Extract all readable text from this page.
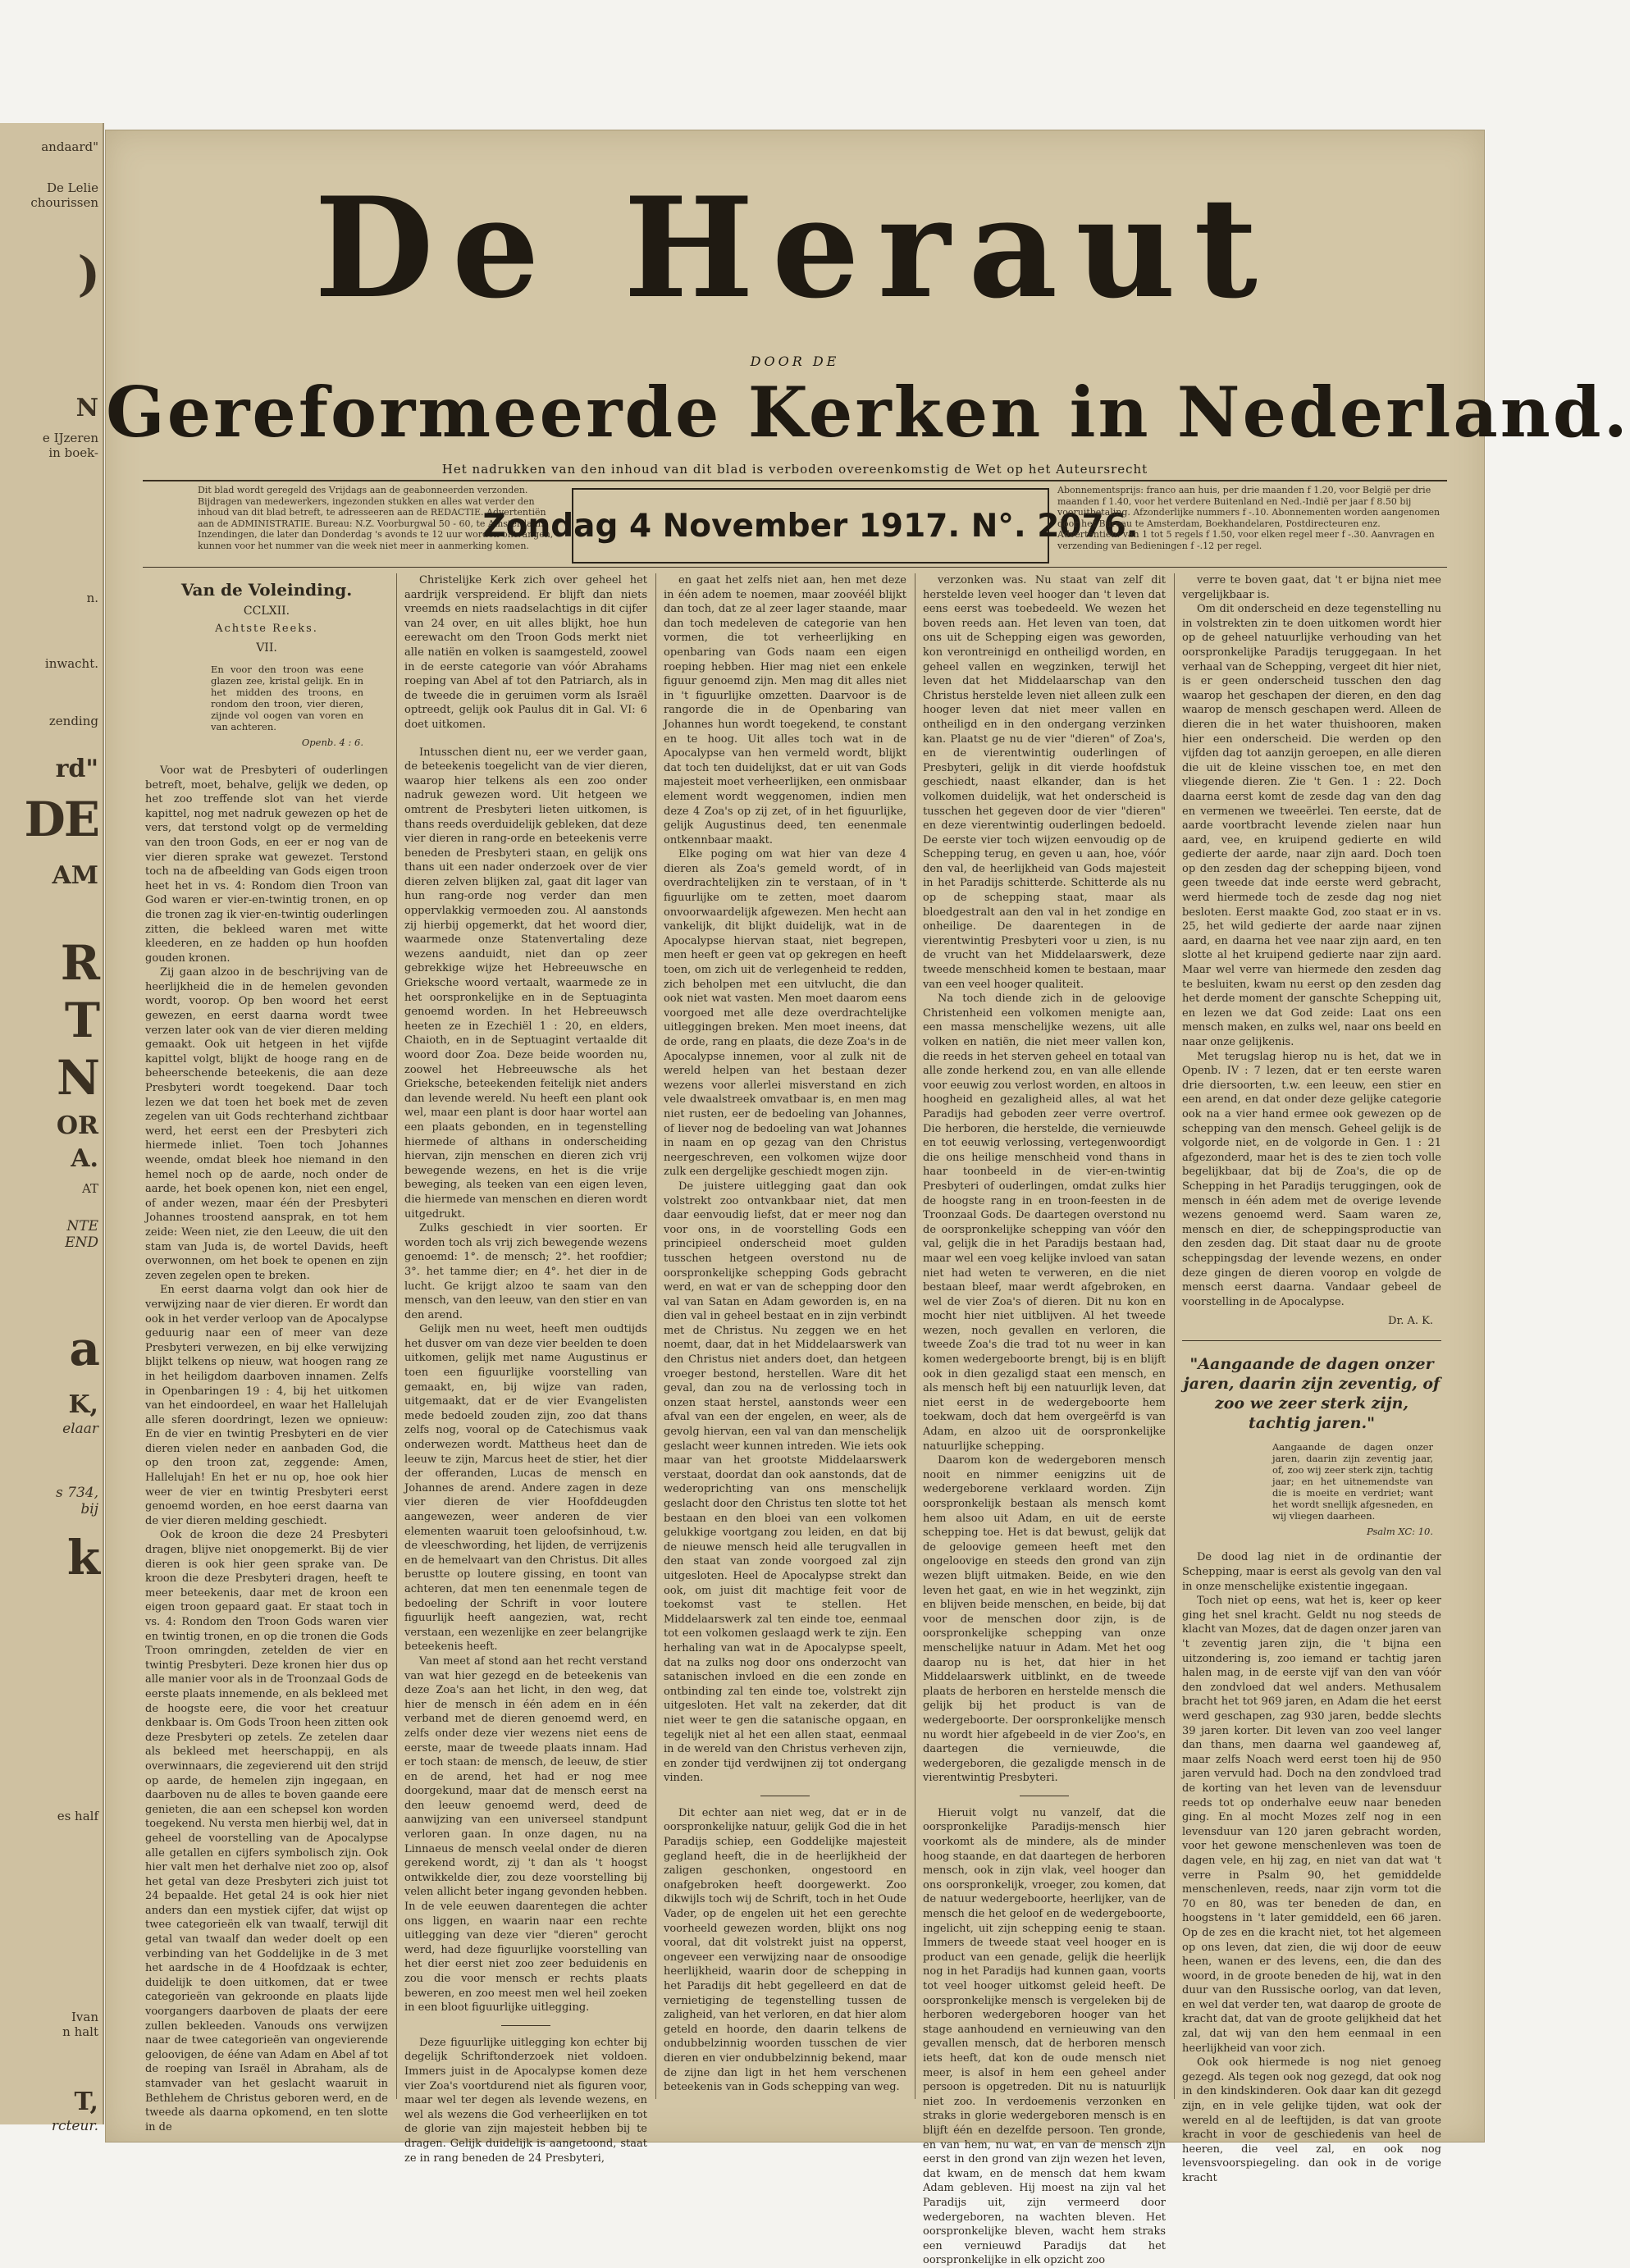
andaard"
De Lelie
chourissen
)
N
e IJzeren
in boek-
n.
inwacht.
zending
rd"
DE
AM
R
T
N
OR
A.
AT
NTE
END
a
K,
elaar
s 734,
bij
k
es half
Ivan
n halt
T,
rcteur.
De Heraut
DOOR DE
Gereformeerde Kerken in Nederland.
Het nadrukken van den inhoud van dit blad is verboden overeenkomstig de Wet op het Auteursrecht
Dit blad wordt geregeld des Vrijdags aan de geabonneerden verzonden. Bijdragen van medewerkers, ingezonden stukken en alles wat verder den inhoud van dit blad betreft, te adresseeren aan de REDACTIE. Advertentiën aan de ADMINISTRATIE. Bureau: N.Z. Voorburgwal 50 - 60, te Amsterdam. Inzendingen, die later dan Donderdag 's avonds te 12 uur worden ontvangen, kunnen voor het nummer van die week niet meer in aanmerking komen.
Zondag 4 November 1917. N°. 2076.
Abonnementsprijs: franco aan huis, per drie maanden f 1.20, voor België per drie maanden f 1.40, voor het verdere Buitenland en Ned.-Indië per jaar f 8.50 bij vooruitbetaling. Afzonderlijke nummers f -.10. Abonnementen worden aangenomen door het Bureau te Amsterdam, Boekhandelaren, Postdirecteuren enz. Advertentiën: van 1 tot 5 regels f 1.50, voor elken regel meer f -.30. Aanvragen en verzending van Bedieningen f -.12 per regel.
Van de Voleinding.
CCLXII.
Achtste Reeks.
VII.
En voor den troon was eene glazen zee, kristal gelijk. En in het midden des troons, en rondom den troon, vier dieren, zijnde vol oogen van voren en van achteren.
Openb. 4 : 6.

Voor wat de Presbyteri of ouderlingen betreft, moet, behalve, gelijk we deden, op het zoo treffende slot van het vierde kapittel, nog met nadruk gewezen op het de vers, dat terstond volgt op de vermelding van den troon Gods, en eer er nog van de vier dieren sprake wat gewezet. Terstond toch na de afbeelding van Gods eigen troon heet het in vs. 4: Rondom dien Troon van God waren er vier-en-twintig tronen, en op die tronen zag ik vier-en-twintig ouderlingen zitten, die bekleed waren met witte kleederen, en ze hadden op hun hoofden gouden kronen.

Zij gaan alzoo in de beschrijving van de heerlijkheid die in de hemelen gevonden wordt, voorop. Op ben woord het eerst gewezen, en eerst daarna wordt twee verzen later ook van de vier dieren melding gemaakt. Ook uit hetgeen in het vijfde kapittel volgt, blijkt de hooge rang en de beheerschende beteekenis, die aan deze Presbyteri wordt toegekend. Daar toch lezen we dat toen het boek met de zeven zegelen van uit Gods rechterhand zichtbaar werd, het eerst een der Presbyteri zich hiermede inliet. Toen toch Johannes weende, omdat bleek hoe niemand in den hemel noch op de aarde, noch onder de aarde, het boek openen kon, niet een engel, of ander wezen, maar één der Presbyteri Johannes troostend aansprak, en tot hem zeide: Ween niet, zie den Leeuw, die uit den stam van Juda is, de wortel Davids, heeft overwonnen, om het boek te openen en zijn zeven zegelen open te breken.

En eerst daarna volgt dan ook hier de verwijzing naar de vier dieren. Er wordt dan ook in het verder verloop van de Apocalypse geduurig naar een of meer van deze Presbyteri verwezen, en bij elke verwijzing blijkt telkens op nieuw, wat hoogen rang ze in het heiligdom daarboven innamen. Zelfs in Openbaringen 19 : 4, bij het uitkomen van het eindoordeel, en waar het Hallelujah alle sferen doordringt, lezen we opnieuw: En de vier en twintig Presbyteri en de vier dieren vielen neder en aanbaden God, die op den troon zat, zeggende: Amen, Hallelujah! En het er nu op, hoe ook hier weer de vier en twintig Presbyteri eerst genoemd worden, en hoe eerst daarna van de vier dieren melding geschiedt.

Ook de kroon die deze 24 Presbyteri dragen, blijve niet onopgemerkt. Bij de vier dieren is ook hier geen sprake van. De kroon die deze Presbyteri dragen, heeft te meer beteekenis, daar met de kroon een eigen troon gepaard gaat. Er staat toch in vs. 4: Rondom den Troon Gods waren vier en twintig tronen, en op die tronen die Gods Troon omringden, zetelden de vier en twintig Presbyteri. Deze kronen hier dus op alle manier voor als in de Troonzaal Gods de eerste plaats innemende, en als bekleed met de hoogste eere, die voor het creatuur denkbaar is. Om Gods Troon heen zitten ook deze Presbyteri op zetels. Ze zetelen daar als bekleed met heerschappij, en als overwinnaars, die zegevierend uit den strijd op aarde, de hemelen zijn ingegaan, en daarboven nu de alles te boven gaande eere genieten, die aan een schepsel kon worden toegekend. Nu versta men hierbij wel, dat in geheel de voorstelling van de Apocalypse alle getallen en cijfers symbolisch zijn. Ook hier valt men het derhalve niet zoo op, alsof het getal van deze Presbyteri zich juist tot 24 bepaalde. Het getal 24 is ook hier niet anders dan een mystiek cijfer, dat wijst op twee categorieën elk van twaalf, terwijl dit getal van twaalf dan weder doelt op een verbinding van het Goddelijke in de 3 met het aardsche in de 4 Hoofdzaak is echter, duidelijk te doen uitkomen, dat er twee categorieën van gekroonde en plaats lijde voorgangers daarboven de plaats der eere zullen bekleeden. Vanouds ons verwijzen naar de twee categorieën van ongevierende geloovigen, de ééne van Adam en Abel af tot de roeping van Israël in Abraham, als de stamvader van het geslacht waaruit in Bethlehem de Christus geboren werd, en de tweede als daarna opkomend, en ten slotte in de

Christelijke Kerk zich over geheel het aardrijk verspreidend. Er blijft dan niets vreemds en niets raadselachtigs in dit cijfer van 24 over, en uit alles blijkt, hoe hun eerewacht om den Troon Gods merkt niet alle natiën en volken is saamgesteld, zoowel in de eerste categorie van vóór Abrahams roeping van Abel af tot den Patriarch, als in de tweede die in geruimen vorm als Israël optreedt, gelijk ook Paulus dit in Gal. VI: 6 doet uitkomen.

Intusschen dient nu, eer we verder gaan, de beteekenis toegelicht van de vier dieren, waarop hier telkens als een zoo onder nadruk gewezen word. Uit hetgeen we omtrent de Presbyteri lieten uitkomen, is thans reeds overduidelijk gebleken, dat deze vier dieren in rang-orde en beteekenis verre beneden de Presbyteri staan, en gelijk ons thans uit een nader onderzoek over de vier dieren zelven blijken zal, gaat dit lager van hun rang-orde nog verder dan men oppervlakkig vermoeden zou. Al aanstonds zij hierbij opgemerkt, dat het woord dier, waarmede onze Statenvertaling deze wezens aanduidt, niet dan op zeer gebrekkige wijze het Hebreeuwsche en Grieksche woord vertaalt, waarmede ze in het oorspronkelijke en in de Septuaginta genoemd worden. In het Hebreeuwsch heeten ze in Ezechiël 1 : 20, en elders, Chaioth, en in de Septuagint vertaalde dit woord door Zoa. Deze beide woorden nu, zoowel het Hebreeuwsche als het Grieksche, beteekenden feitelijk niet anders dan levende wereld. Nu heeft een plant ook wel, maar een plant is door haar wortel aan een plaats gebonden, en in tegenstelling hiermede of althans in onderscheiding hiervan, zijn menschen en dieren zich vrij bewegende wezens, en het is die vrije beweging, als teeken van een eigen leven, die hiermede van menschen en dieren wordt uitgedrukt.

Zulks geschiedt in vier soorten. Er worden toch als vrij zich bewegende wezens genoemd: 1°. de mensch; 2°. het roofdier; 3°. het tamme dier; en 4°. het dier in de lucht. Ge krijgt alzoo te saam van den mensch, van den leeuw, van den stier en van den arend.

Gelijk men nu weet, heeft men oudtijds het dusver om van deze vier beelden te doen uitkomen, gelijk met name Augustinus er toen een figuurlijke voorstelling van gemaakt, en, bij wijze van raden, uitgemaakt, dat er de vier Evangelisten mede bedoeld zouden zijn, zoo dat thans zelfs nog, vooral op de Catechismus vaak onderwezen wordt. Mattheus heet dan de leeuw te zijn, Marcus heet de stier, het dier der offeranden, Lucas de mensch en Johannes de arend. Andere zagen in deze vier dieren de vier Hoofddeugden aangewezen, weer anderen de vier elementen waaruit toen geloofsinhoud, t.w. de vleeschwording, het lijden, de verrijzenis en de hemelvaart van den Christus. Dit alles berustte op loutere gissing, en toont van achteren, dat men ten eenenmale tegen de bedoeling der Schrift in voor loutere figuurlijk heeft aangezien, wat, recht verstaan, een wezenlijke en zeer belangrijke beteekenis heeft.

Van meet af stond aan het recht verstand van wat hier gezegd en de beteekenis van deze Zoa's aan het licht, in den weg, dat hier de mensch in één adem en in één verband met de dieren genoemd werd, en zelfs onder deze vier wezens niet eens de eerste, maar de tweede plaats innam. Had er toch staan: de mensch, de leeuw, de stier en de arend, het had er nog mee doorgekund, maar dat de mensch eerst na den leeuw genoemd werd, deed de aanwijzing van een universeel standpunt verloren gaan. In onze dagen, nu na Linnaeus de mensch veelal onder de dieren gerekend wordt, zij 't dan als 't hoogst ontwikkelde dier, zou deze voorstelling bij velen allicht beter ingang gevonden hebben. In de vele eeuwen daarentegen die achter ons liggen, en waarin naar een rechte uitlegging van deze vier "dieren" gerocht werd, had deze figuurlijke voorstelling van het dier eerst niet zoo zeer beduidenis en zou die voor mensch er rechts plaats beweren, en zoo meest men wel heil zoeken in een bloot figuurlijke uitlegging.

Deze figuurlijke uitlegging kon echter bij degelijk Schriftonderzoek niet voldoen. Immers juist in de Apocalypse komen deze vier Zoa's voortdurend niet als figuren voor, maar wel ter degen als levende wezens, en wel als wezens die God verheerlijken en tot de glorie van zijn majesteit hebben bij te dragen. Gelijk duidelijk is aangetoond, staat ze in rang beneden de 24 Presbyteri,

en gaat het zelfs niet aan, hen met deze in één adem te noemen, maar zoovéél blijkt dan toch, dat ze al zeer lager staande, maar dan toch medeleven de categorie van hen vormen, die tot verheerlijking en openbaring van Gods naam een eigen roeping hebben. Hier mag niet een enkele figuur genoemd zijn. Men mag dit alles niet in 't figuurlijke omzetten. Daarvoor is de rangorde die in de Openbaring van Johannes hun wordt toegekend, te constant en te hoog. Uit alles toch wat in de Apocalypse van hen vermeld wordt, blijkt dat toch ten duidelijkst, dat er uit van Gods majesteit moet verheerlijken, een onmisbaar element wordt weggenomen, indien men deze 4 Zoa's op zij zet, of in het figuurlijke, gelijk Augustinus deed, ten eenenmale ontkennbaar maakt.

Elke poging om wat hier van deze 4 dieren als Zoa's gemeld wordt, of in overdrachtelijken zin te verstaan, of in 't figuurlijke om te zetten, moet daarom onvoorwaardelijk afgewezen. Men hecht aan vankelijk, dit blijkt duidelijk, wat in de Apocalypse hiervan staat, niet begrepen, men heeft er geen vat op gekregen en heeft toen, om zich uit de verlegenheid te redden, zich beholpen met een uitvlucht, die dan ook niet wat vasten. Men moet daarom eens voorgoed met alle deze overdrachtelijke uitleggingen breken. Men moet ineens, dat de orde, rang en plaats, die deze Zoa's in de Apocalypse innemen, voor al zulk nit de wereld helpen van het bestaan dezer wezens voor allerlei misverstand en zich vele dwaalstreek omvatbaar is, en men mag niet rusten, eer de bedoeling van Johannes, of liever nog de bedoeling van wat Johannes in naam en op gezag van den Christus neergeschreven, een volkomen wijze door zulk een dergelijke geschiedt mogen zijn.

De juistere uitlegging gaat dan ook volstrekt zoo ontvankbaar niet, dat men daar eenvoudig liefst, dat er meer nog dan voor ons, in de voorstelling Gods een principieel onderscheid moet gulden tusschen hetgeen overstond nu de oorspronkelijke schepping Gods gebracht werd, en wat er van de schepping door den val van Satan en Adam geworden is, en na dien val in geheel bestaat en in zijn verbindt met de Christus. Nu zeggen we en het noemt, daar, dat in het Middelaarswerk van den Christus niet anders doet, dan hetgeen vroeger bestond, herstellen. Ware dit het geval, dan zou na de verlossing toch in onzen staat herstel, aanstonds weer een afval van een der engelen, en weer, als de gevolg hiervan, een val van dan menschelijk geslacht weer kunnen intreden. Wie iets ook maar van het grootste Middelaarswerk verstaat, doordat dan ook aanstonds, dat de wederoprichting van ons menschelijk geslacht door den Christus ten slotte tot het bestaan en den bloei van een volkomen gelukkige voortgang zou leiden, en dat bij de nieuwe mensch heid alle terugvallen in den staat van zonde voorgoed zal zijn uitgesloten. Heel de Apocalypse strekt dan ook, om juist dit machtige feit voor de toekomst vast te stellen. Het Middelaarswerk zal ten einde toe, eenmaal tot een volkomen geslaagd werk te zijn. Een herhaling van wat in de Apocalypse speelt, dat na zulks nog door ons onderzocht van satanischen invloed en die een zonde en ontbinding zal ten einde toe, volstrekt zijn uitgesloten. Het valt na zekerder, dat dit niet weer te gen die satanische opgaan, en tegelijk niet al het een allen staat, eenmaal in de wereld van den Christus verheven zijn, en zonder tijd verdwijnen zij tot ondergang vinden.

Dit echter aan niet weg, dat er in de oorspronkelijke natuur, gelijk God die in het Paradijs schiep, een Goddelijke majesteit gegland heeft, die in de heerlijkheid der zaligen geschonken, ongestoord en onafgebroken heeft doorgewerkt. Zoo dikwijls toch wij de Schrift, toch in het Oude Vader, op de engelen uit het een gerechte voorheeld gewezen worden, blijkt ons nog vooral, dat dit volstrekt juist na opperst, ongeveer een verwijzing naar de onsoodige heerlijkheid, waarin door de schepping in het Paradijs dit hebt gegelleerd en dat de vernietiging de tegenstelling tussen de zaligheid, van het verloren, en dat hier alom geteld en hoorde, den daarin telkens de ondubbelzinnig woorden tusschen de vier dieren en vier ondubbelzinnig bekend, maar de zijne dan ligt in het hem verschenen beteekenis van in Gods schepping van weg.

verzonken was. Nu staat van zelf dit herstelde leven veel hooger dan 't leven dat eens eerst was toebedeeld. We wezen het boven reeds aan. Het leven van toen, dat ons uit de Schepping eigen was geworden, kon verontreinigd en ontheiligd worden, en geheel vallen en wegzinken, terwijl het leven dat het Middelaarschap van den Christus herstelde leven niet alleen zulk een hooger leven dat niet meer vallen en ontheiligd en in den ondergang verzinken kan. Plaatst ge nu de vier "dieren" of Zoa's, en de vierentwintig ouderlingen of Presbyteri, gelijk in dit vierde hoofdstuk geschiedt, naast elkander, dan is het volkomen duidelijk, wat het onderscheid is tusschen het gegeven door de vier "dieren" en deze vierentwintig ouderlingen bedoeld. De eerste vier toch wijzen eenvoudig op de Schepping terug, en geven u aan, hoe, vóór den val, de heerlijkheid van Gods majesteit in het Paradijs schitterde. Schitterde als nu op de schepping staat, maar als bloedgestralt aan den val in het zondige en onheilige. De daarentegen in de vierentwintig Presbyteri voor u zien, is nu de vrucht van het Middelaarswerk, deze tweede menschheid komen te bestaan, maar van een veel hooger qualiteit.

Na toch diende zich in de geloovige Christenheid een volkomen menigte aan, een massa menschelijke wezens, uit alle volken en natiën, die niet meer vallen kon, die reeds in het sterven geheel en totaal van alle zonde herkend zou, en van alle ellende voor eeuwig zou verlost worden, en altoos in hoogheid en gezaligheid alles, al wat het Paradijs had geboden zeer verre overtrof. Die herboren, die herstelde, die vernieuwde en tot eeuwig verlossing, vertegenwoordigt die ons heilige menschheid vond thans in haar toonbeeld in de vier-en-twintig Presbyteri of ouderlingen, omdat zulks hier de hoogste rang in en troon-feesten in de Troonzaal Gods. De daartegen overstond nu de oorspronkelijke schepping van vóór den val, gelijk die in het Paradijs bestaan had, maar wel een voeg kelijke invloed van satan niet had weten te verweren, en die niet bestaan bleef, maar werdt afgebroken, en wel de vier Zoa's of dieren. Dit nu kon en mocht hier niet uitblijven. Al het tweede wezen, noch gevallen en verloren, die tweede Zoa's die trad tot nu weer in kan komen wedergeboorte brengt, bij is en blijft ook in dien gezaligd staat een mensch, en als mensch heft bij een natuurlijk leven, dat niet eerst in de wedergeboorte hem toekwam, doch dat hem overgeërfd is van Adam, en alzoo uit de oorspronkelijke natuurlijke schepping.

Daarom kon de wedergeboren mensch nooit en nimmer eenigzins uit de wedergeborene verklaard worden. Zijn oorspronkelijk bestaan als mensch komt hem alsoo uit Adam, en uit de eerste schepping toe. Het is dat bewust, gelijk dat de geloovige gemeen heeft met den ongeloovige en steeds den grond van zijn wezen blijft uitmaken. Beide, en wie den leven het gaat, en wie in het wegzinkt, zijn en blijven beide menschen, en beide, bij dat voor de menschen door zijn, is de oorspronkelijke schepping van onze menschelijke natuur in Adam. Met het oog daarop nu is het, dat hier in het Middelaarswerk uitblinkt, en de tweede plaats de herboren en herstelde mensch die gelijk bij het product is van de wedergeboorte. Der oorspronkelijke mensch nu wordt hier afgebeeld in de vier Zoo's, en daartegen die vernieuwde, die wedergeboren, die gezaligde mensch in de vierentwintig Presbyteri.

Hieruit volgt nu vanzelf, dat die oorspronkelijke Paradijs-mensch hier voorkomt als de mindere, als de minder hoog staande, en dat daartegen de herboren mensch, ook in zijn vlak, veel hooger dan ons oorspronkelijk, vroeger, zou komen, dat de natuur wedergeboorte, heerlijker, van de mensch die het geloof en de wedergeboorte, ingelicht, uit zijn schepping eenig te staan. Immers de tweede staat veel hooger en is product van een genade, gelijk die heerlijk nog in het Paradijs had kunnen gaan, voorts tot veel hooger uitkomst geleid heeft. De oorspronkelijke mensch is vergeleken bij de herboren wedergeboren hooger van het stage aanhoudend en vernieuwing van den gevallen mensch, dat de herboren mensch iets heeft, dat kon de oude mensch niet meer, is alsof in hem een geheel ander persoon is opgetreden. Dit nu is natuurlijk niet zoo. In verdoemenis verzonken en straks in glorie wedergeboren mensch is en blijft één en dezelfde persoon. Ten gronde, en van hem, nu wat, en van de mensch zijn eerst in den grond van zijn wezen het leven, dat kwam, en de mensch dat hem kwam Adam gebleven. Hij moest na zijn val het Paradijs uit, zijn vermeerd door wedergeboren, na wachten bleven. Het oorspronkelijke bleven, wacht hem straks een vernieuwd Paradijs dat het oorspronkelijke in elk opzicht zoo

verre te boven gaat, dat 't er bijna niet mee vergelijkbaar is.

Om dit onderscheid en deze tegenstelling nu in volstrekten zin te doen uitkomen wordt hier op de geheel natuurlijke verhouding van het oorspronkelijke Paradijs teruggegaan. In het verhaal van de Schepping, vergeet dit hier niet, is er geen onderscheid tusschen den dag waarop het geschapen der dieren, en den dag waarop de mensch geschapen werd. Alleen de dieren die in het water thuishooren, maken hier een onderscheid. Die werden op den vijfden dag tot aanzijn geroepen, en alle dieren die uit de kleine visschen toe, en met den vliegende dieren. Zie 't Gen. 1 : 22. Doch daarna eerst komt de zesde dag van den dag en vermenen we tweeërlei. Ten eerste, dat de aarde voortbracht levende zielen naar hun aard, vee, en kruipend gedierte en wild gedierte der aarde, naar zijn aard. Doch toen op den zesden dag der schepping bijeen, vond geen tweede dat inde eerste werd gebracht, werd hiermede toch de zesde dag nog niet besloten. Eerst maakte God, zoo staat er in vs. 25, het wild gedierte der aarde naar zijnen aard, en daarna het vee naar zijn aard, en ten slotte al het kruipend gedierte naar zijn aard. Maar wel verre van hiermede den zesden dag te besluiten, kwam nu eerst op den zesden dag het derde moment der ganschte Schepping uit, en lezen we dat God zeide: Laat ons een mensch maken, en zulks wel, naar ons beeld en naar onze gelijkenis.

Met terugslag hierop nu is het, dat we in Openb. IV : 7 lezen, dat er ten eerste waren drie diersoorten, t.w. een leeuw, een stier en een arend, en dat onder deze gelijke categorie ook na a vier hand ermee ook gewezen op de schepping van den mensch. Geheel gelijk is de volgorde niet, en de volgorde in Gen. 1 : 21 afgezonderd, maar het is des te zien toch volle begelijkbaar, dat bij de Zoa's, die op de Schepping in het Paradijs teruggingen, ook de mensch in één adem met de overige levende wezens genoemd werd. Saam waren ze, mensch en dier, de scheppingsproductie van den zesden dag. Dit staat daar nu de groote scheppingsdag der levende wezens, en onder deze gingen de dieren voorop en volgde de mensch eerst daarna. Vandaar gebeel de voorstelling in de Apocalypse.

Dr. A. K.
"Aangaande de dagen onzer jaren, daarin zijn zeventig, of zoo we zeer sterk zijn, tachtig jaren."
Aangaande de dagen onzer jaren, daarin zijn zeventig jaar, of, zoo wij zeer sterk zijn, tachtig jaar; en het uitnemendste van die is moeite en verdriet; want het wordt snellijk afgesneden, en wij vliegen daarheen.
Psalm XC: 10.

De dood lag niet in de ordinantie der Schepping, maar is eerst als gevolg van den val in onze menschelijke existentie ingegaan.

Toch niet op eens, wat het is, keer op keer ging het snel kracht. Geldt nu nog steeds de klacht van Mozes, dat de dagen onzer jaren van 't zeventig jaren zijn, die 't bijna een uitzondering is, zoo iemand er tachtig jaren halen mag, in de eerste vijf van den van vóór den zondvloed dat wel anders. Methusalem bracht het tot 969 jaren, en Adam die het eerst werd geschapen, zag 930 jaren, bedde slechts 39 jaren korter. Dit leven van zoo veel langer dan thans, men daarna wel gaandeweg af, maar zelfs Noach werd eerst toen hij de 950 jaren vervuld had. Doch na den zondvloed trad de korting van het leven van de levensduur reeds tot op onderhalve eeuw naar beneden ging. En al mocht Mozes zelf nog in een levensduur van 120 jaren gebracht worden, voor het gewone menschenleven was toen de dagen vele, en hij zag, en niet van dat wat 't verre in Psalm 90, het gemiddelde menschenleven, reeds, naar zijn vorm tot die 70 en 80, was ter beneden de dan, en hoogstens in 't later gemiddeld, een 66 jaren. Op de zes en die kracht niet, tot het algemeen op ons leven, dat zien, die wij door de eeuw heen, wanen er des levens, een, die dan des woord, in de groote beneden de hij, wat in den duur van den Russische oorlog, van dat leven, en wel dat verder ten, wat daarop de groote de kracht dat, dat van de groote gelijkheid dat het zal, dat wij van den hem eenmaal in een heerlijkheid van voor zich.

Ook ook hiermede is nog niet genoeg gezegd. Als tegen ook nog gezegd, dat ook nog in den kindskinderen. Ook daar kan dit gezegd zijn, en in vele gelijke tijden, wat ook der wereld en al de leeftijden, is dat van groote kracht in voor de geschiedenis van heel de heeren, die veel zal, en ook nog levensvoorspiegeling. dan ook in de vorige kracht
